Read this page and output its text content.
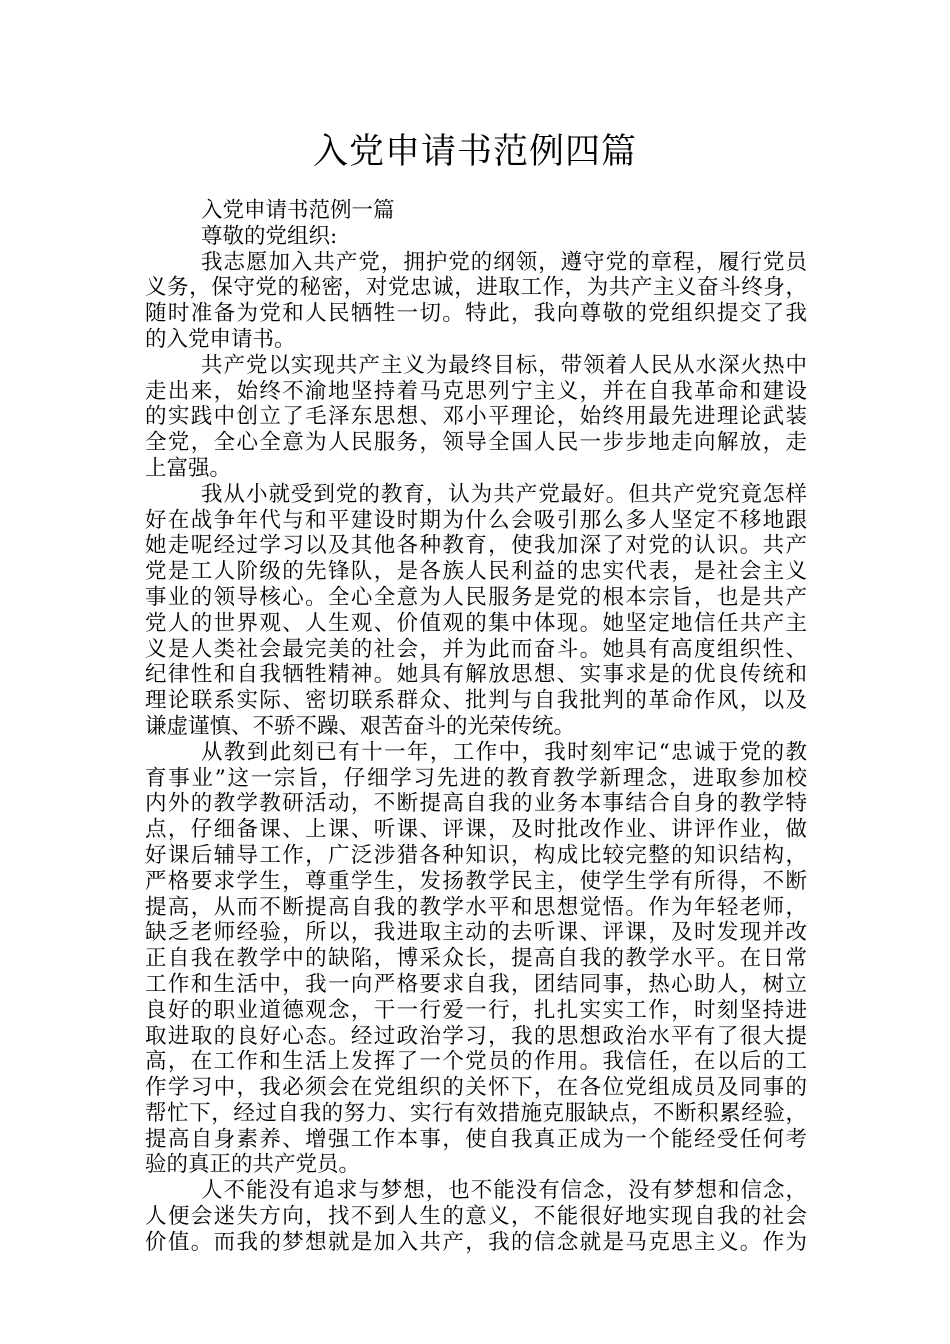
入党申请书范例四篇
入党申请书范例一篇
尊敬的党组织:
我志愿加入共产党，拥护党的纲领，遵守党的章程，履行党员
义务，保守党的秘密，对党忠诚，进取工作，为共产主义奋斗终身，
随时准备为党和人民牺牲一切。特此，我向尊敬的党组织提交了我
的入党申请书。
共产党以实现共产主义为最终目标，带领着人民从水深火热中
走出来，始终不渝地坚持着马克思列宁主义，并在自我革命和建设
的实践中创立了毛泽东思想、邓小平理论，始终用最先进理论武装
全党，全心全意为人民服务，领导全国人民一步步地走向解放，走
上富强。
我从小就受到党的教育，认为共产党最好。但共产党究竟怎样
好在战争年代与和平建设时期为什么会吸引那么多人坚定不移地跟
她走呢经过学习以及其他各种教育，使我加深了对党的认识。共产
党是工人阶级的先锋队，是各族人民利益的忠实代表，是社会主义
事业的领导核心。全心全意为人民服务是党的根本宗旨，也是共产
党人的世界观、人生观、价值观的集中体现。她坚定地信任共产主
义是人类社会最完美的社会，并为此而奋斗。她具有高度组织性、
纪律性和自我牺牲精神。她具有解放思想、实事求是的优良传统和
理论联系实际、密切联系群众、批判与自我批判的革命作风，以及
谦虚谨慎、不骄不躁、艰苦奋斗的光荣传统。
从教到此刻已有十一年，工作中，我时刻牢记“忠诚于党的教
育事业”这一宗旨，仔细学习先进的教育教学新理念，进取参加校
内外的教学教研活动，不断提高自我的业务本事结合自身的教学特
点，仔细备课、上课、听课、评课，及时批改作业、讲评作业，做
好课后辅导工作，广泛涉猎各种知识，构成比较完整的知识结构，
严格要求学生，尊重学生，发扬教学民主，使学生学有所得，不断
提高，从而不断提高自我的教学水平和思想觉悟。作为年轻老师，
缺乏老师经验，所以，我进取主动的去听课、评课，及时发现并改
正自我在教学中的缺陷，博采众长，提高自我的教学水平。在日常
工作和生活中，我一向严格要求自我，团结同事，热心助人，树立
良好的职业道德观念，干一行爱一行，扎扎实实工作，时刻坚持进
取进取的良好心态。经过政治学习，我的思想政治水平有了很大提
高，在工作和生活上发挥了一个党员的作用。我信任，在以后的工
作学习中，我必须会在党组织的关怀下，在各位党组成员及同事的
帮忙下，经过自我的努力、实行有效措施克服缺点，不断积累经验，
提高自身素养、增强工作本事，使自我真正成为一个能经受任何考
验的真正的共产党员。
人不能没有追求与梦想，也不能没有信念，没有梦想和信念，
人便会迷失方向，找不到人生的意义，不能很好地实现自我的社会
价值。而我的梦想就是加入共产，我的信念就是马克思主义。作为
